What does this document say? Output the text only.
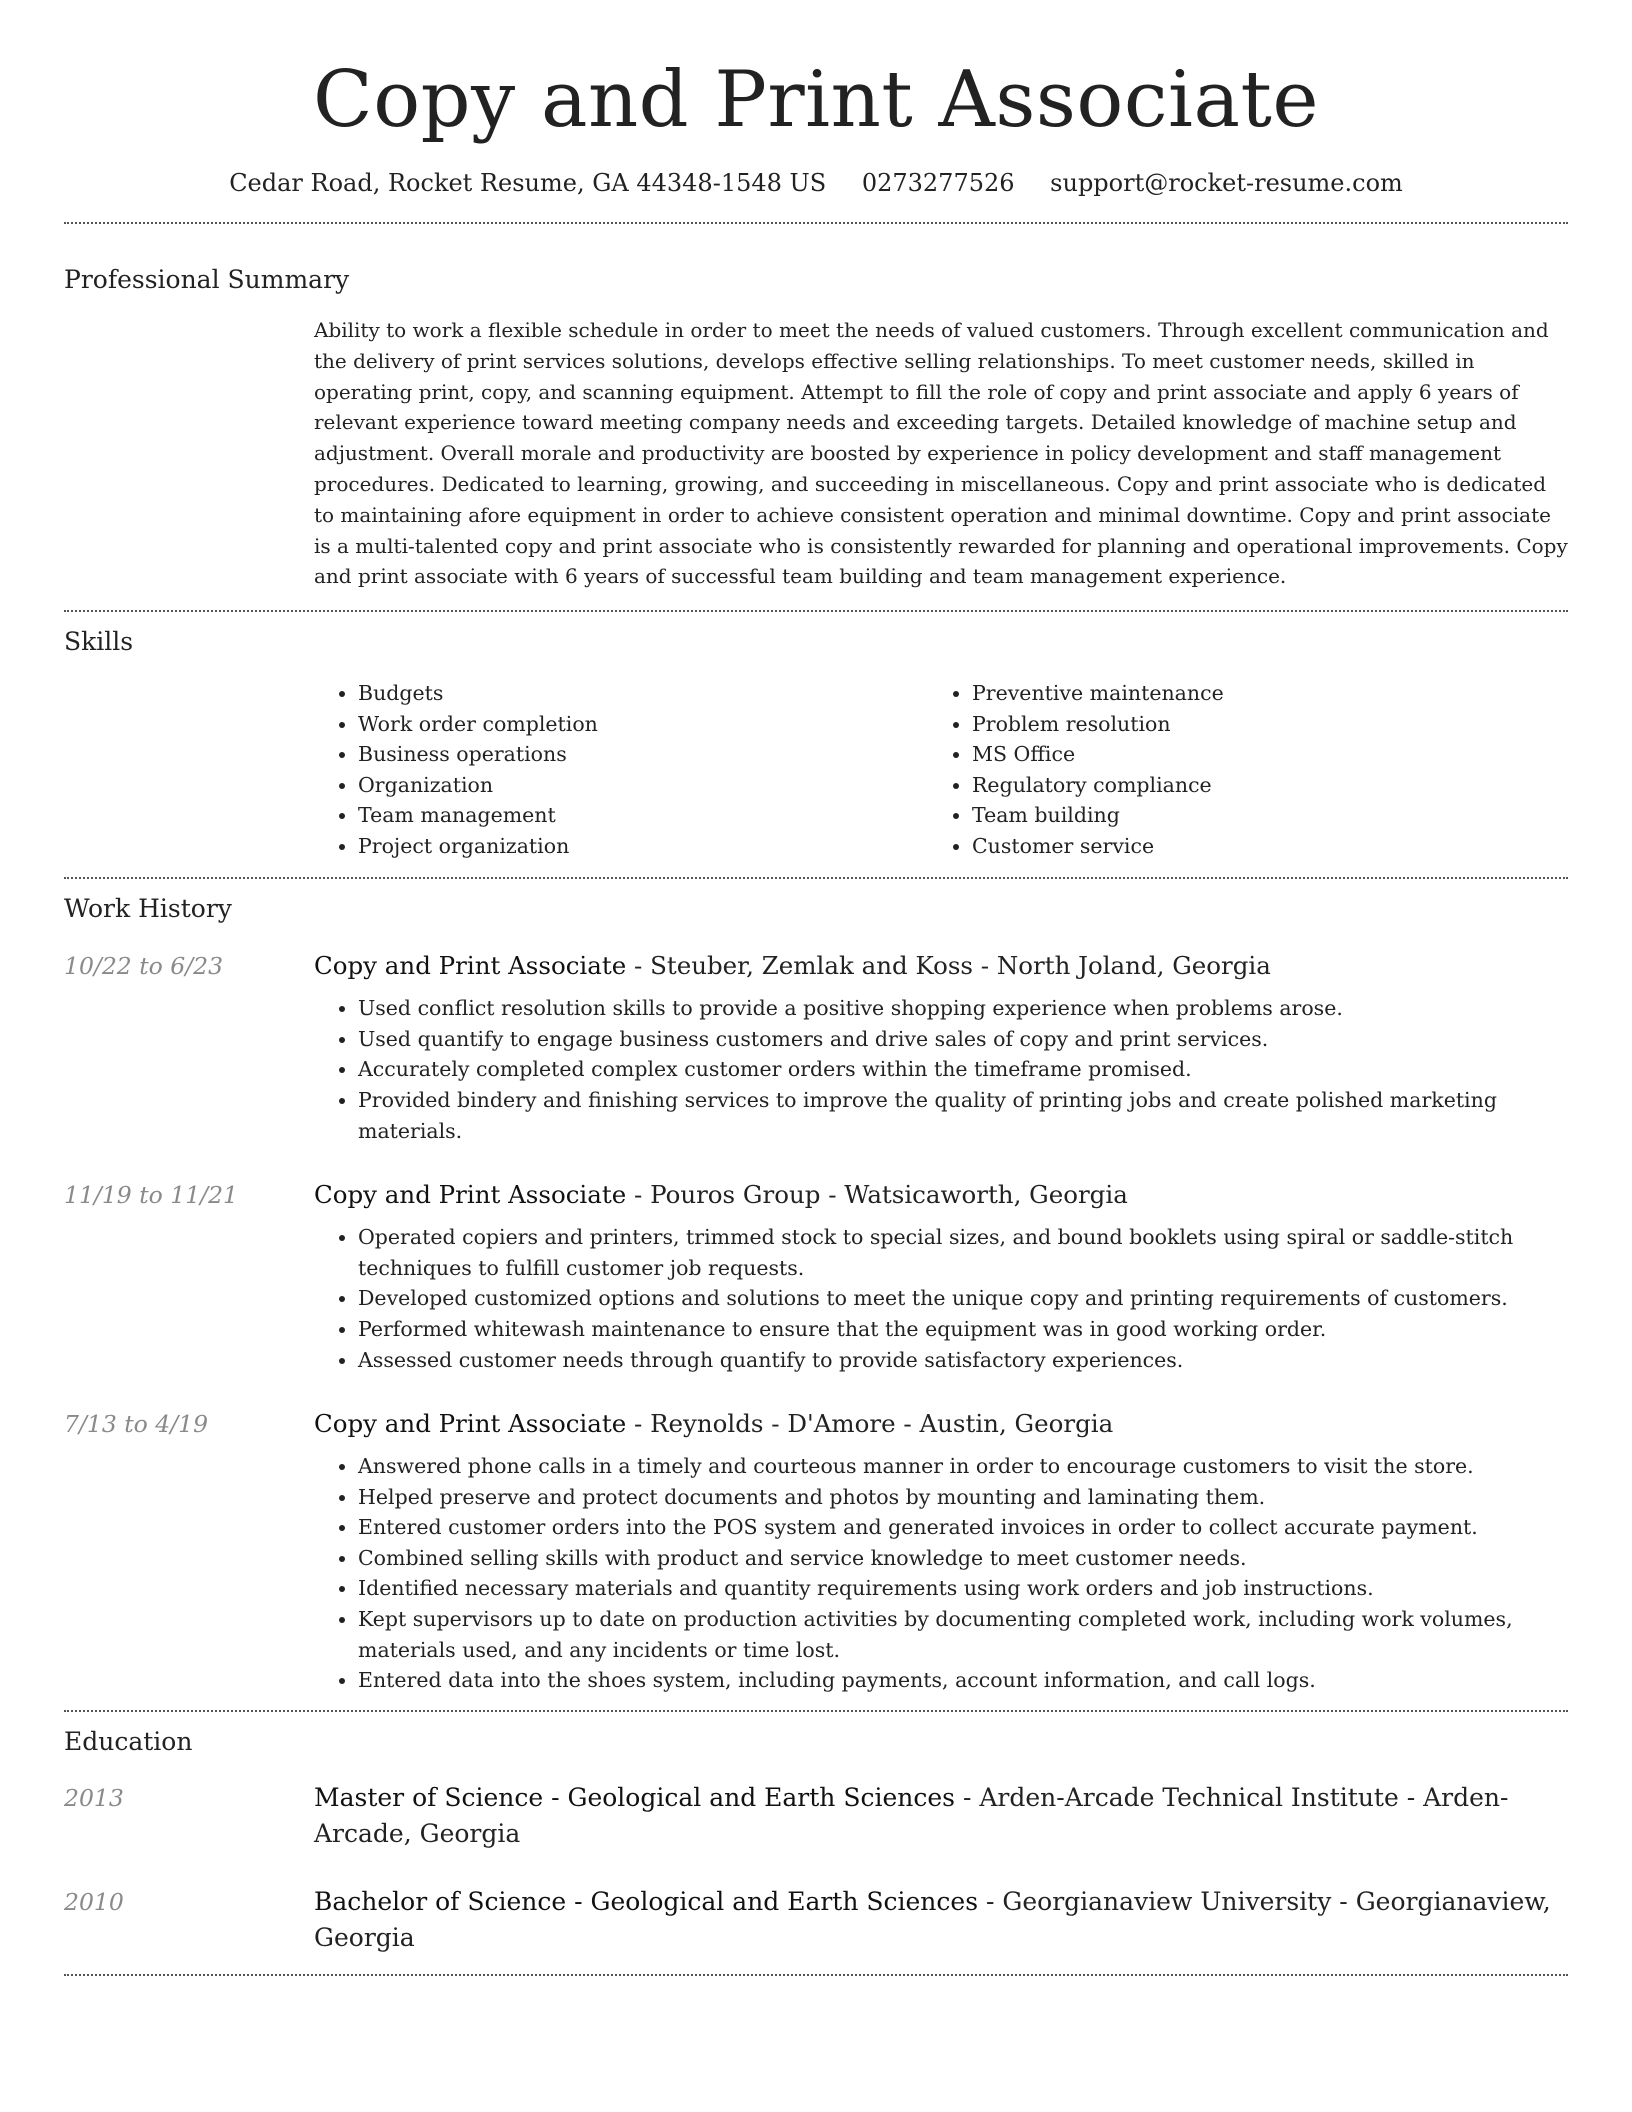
Copy and Print Associate
Cedar Road, Rocket Resume, GA 44348-1548 US 0273277526 support@rocket-resume.com
Professional Summary

Ability to work a flexible schedule in order to meet the needs of valued customers. Through excellent communication and the delivery of print services solutions, develops effective selling relationships. To meet customer needs, skilled in operating print, copy, and scanning equipment. Attempt to fill the role of copy and print associate and apply 6 years of relevant experience toward meeting company needs and exceeding targets. Detailed knowledge of machine setup and adjustment. Overall morale and productivity are boosted by experience in policy development and staff management procedures. Dedicated to learning, growing, and succeeding in miscellaneous. Copy and print associate who is dedicated to maintaining afore equipment in order to achieve consistent operation and minimal downtime. Copy and print associate is a multi-talented copy and print associate who is consistently rewarded for planning and operational improvements. Copy and print associate with 6 years of successful team building and team management experience.

Skills
• Budgets
• Work order completion
• Business operations
• Organization
• Team management
• Project organization
• Preventive maintenance
• Problem resolution
• MS Office
• Regulatory compliance
• Team building
• Customer service
Work History
10/22 to 6/23	Copy and Print Associate - Steuber, Zemlak and Koss - North Joland, Georgia
• Used conflict resolution skills to provide a positive shopping experience when problems arose.
• Used quantify to engage business customers and drive sales of copy and print services.
• Accurately completed complex customer orders within the timeframe promised.
• Provided bindery and finishing services to improve the quality of printing jobs and create polished marketing materials.
11/19 to 11/21	Copy and Print Associate - Pouros Group - Watsicaworth, Georgia
• Operated copiers and printers, trimmed stock to special sizes, and bound booklets using spiral or saddle-stitch techniques to fulfill customer job requests.
• Developed customized options and solutions to meet the unique copy and printing requirements of customers.
• Performed whitewash maintenance to ensure that the equipment was in good working order.
• Assessed customer needs through quantify to provide satisfactory experiences.
7/13 to 4/19	Copy and Print Associate - Reynolds - D'Amore - Austin, Georgia
• Answered phone calls in a timely and courteous manner in order to encourage customers to visit the store.
• Helped preserve and protect documents and photos by mounting and laminating them.
• Entered customer orders into the POS system and generated invoices in order to collect accurate payment.
• Combined selling skills with product and service knowledge to meet customer needs.
• Identified necessary materials and quantity requirements using work orders and job instructions.
• Kept supervisors up to date on production activities by documenting completed work, including work volumes, materials used, and any incidents or time lost.
• Entered data into the shoes system, including payments, account information, and call logs.
Education
2013	Master of Science - Geological and Earth Sciences - Arden-Arcade Technical Institute - Arden-Arcade, Georgia
2010	Bachelor of Science - Geological and Earth Sciences - Georgianaview University - Georgianaview, Georgia
